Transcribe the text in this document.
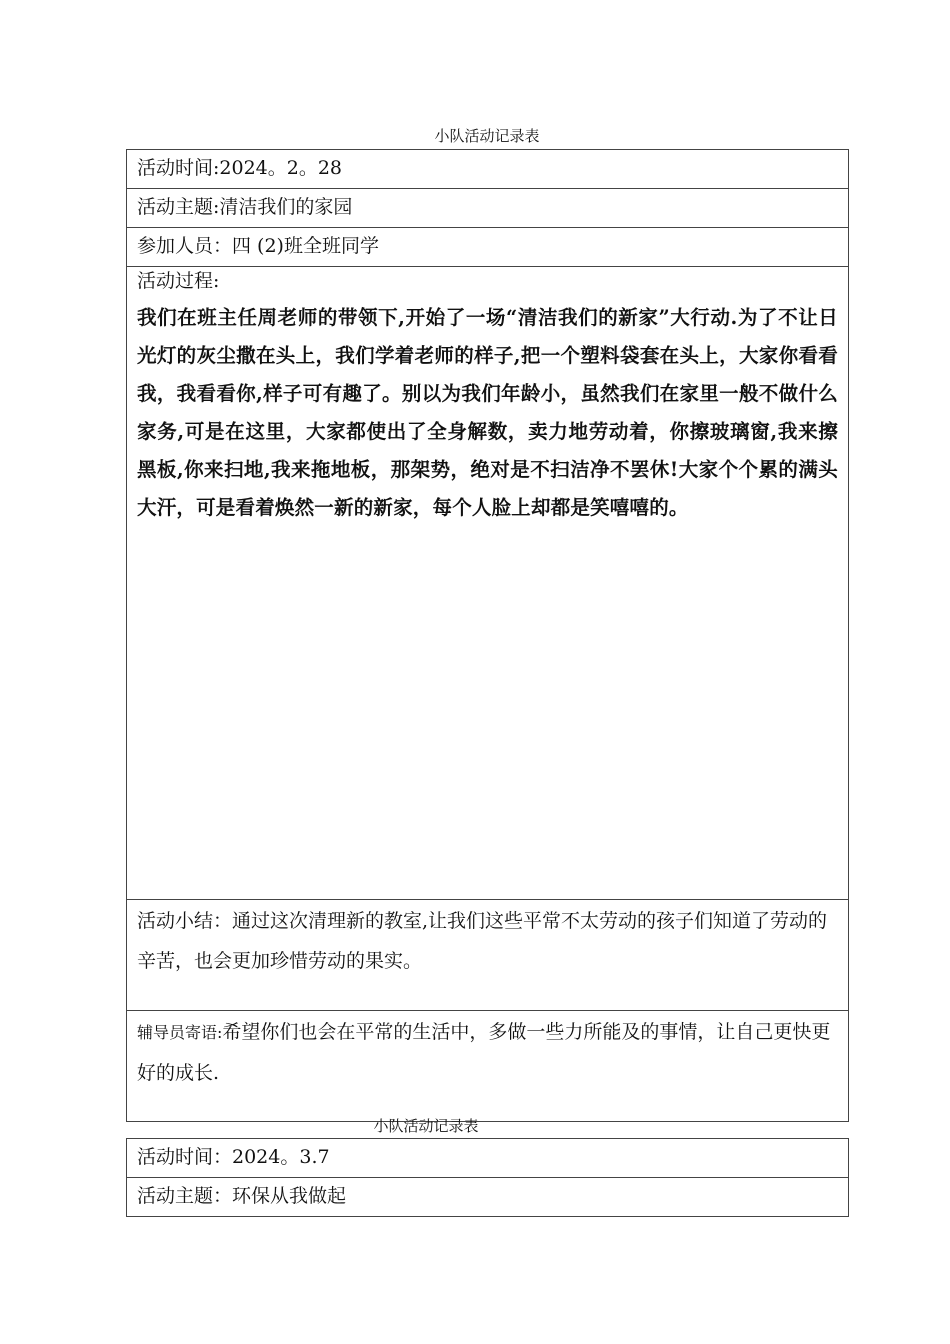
小队活动记录表
活动时间:2024。2。28
活动主题:清洁我们的家园
参加人员：四 (2)班全班同学

活动过程:
我们在班主任周老师的带领下,开始了一场“清洁我们的新家”大行动.为了不让日光灯的灰尘撒在头上，我们学着老师的样子,把一个塑料袋套在头上，大家你看看我，我看看你,样子可有趣了。别以为我们年龄小，虽然我们在家里一般不做什么家务,可是在这里，大家都使出了全身解数，卖力地劳动着，你擦玻璃窗,我来擦黑板,你来扫地,我来拖地板，那架势，绝对是不扫洁净不罢休!大家个个累的满头大汗，可是看着焕然一新的新家，每个人脸上却都是笑嘻嘻的。

活动小结：通过这次清理新的教室,让我们这些平常不太劳动的孩子们知道了劳动的辛苦，也会更加珍惜劳动的果实。

辅导员寄语:希望你们也会在平常的生活中，多做一些力所能及的事情，让自己更快更好的成长.
小队活动记录表
活动时间：2024。3.7
活动主题：环保从我做起
